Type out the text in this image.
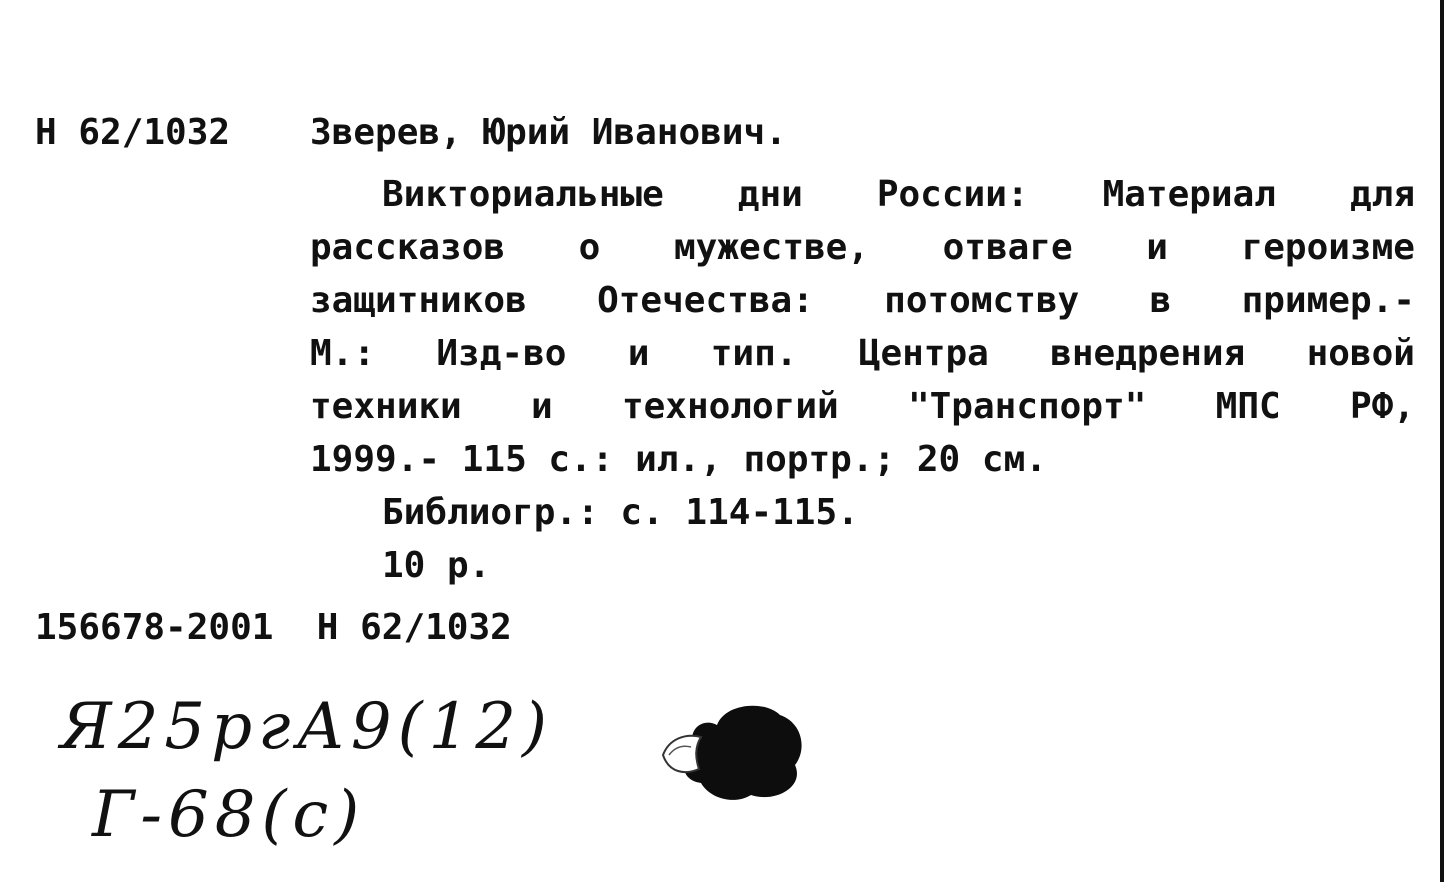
Н 62/1032 Зверев, Юрий Иванович.
Викториальные дни России: Материал для
рассказов о мужестве, отваге и героизме
защитников Отечества: потомству в пример.-
М.: Изд-во и тип. Центра внедрения новой
техники и технологий "Транспорт" МПС РФ,
1999.- 115 с.: ил., портр.; 20 см.
Библиогр.: с. 114-115.
10 р.
156678-2001  Н 62/1032
Я25ргА9(12)
Г-68(с)
